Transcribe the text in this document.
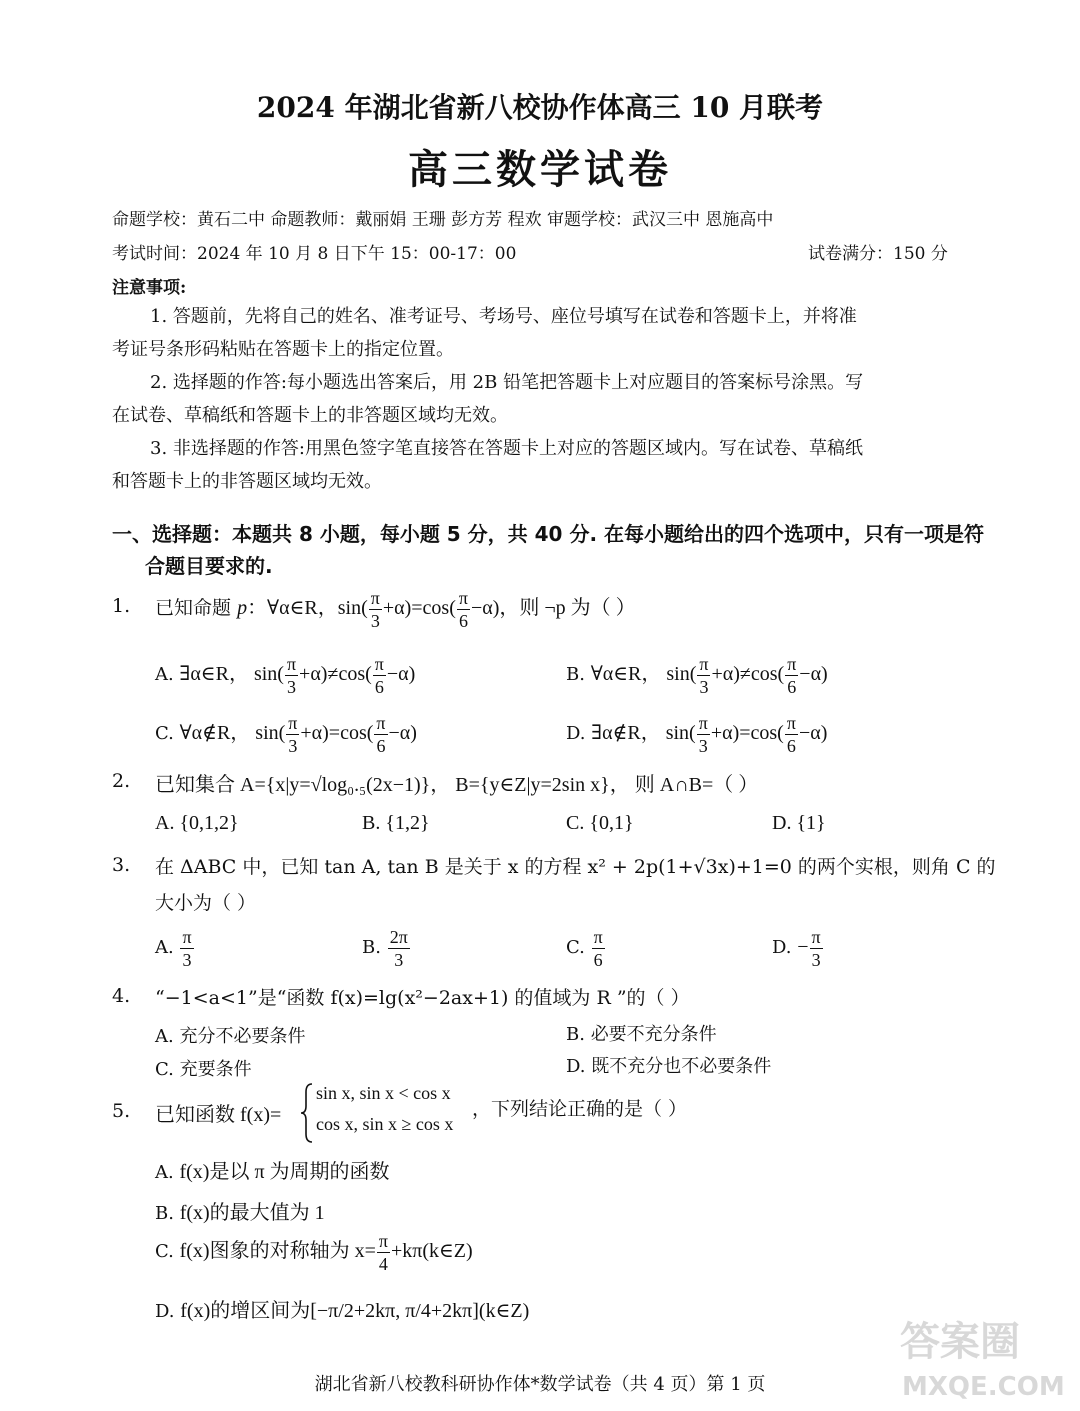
2024 年湖北省新八校协作体高三 10 月联考
高三数学试卷
命题学校：黄石二中 命题教师：戴丽娟 王珊 彭方芳 程欢 审题学校：武汉三中 恩施高中
考试时间：2024 年 10 月 8 日下午 15：00-17：00	试卷满分：150 分
注意事项:
1. 答题前，先将自己的姓名、准考证号、考场号、座位号填写在试卷和答题卡上，并将准
考证号条形码粘贴在答题卡上的指定位置。
2. 选择题的作答:每小题选出答案后，用 2B 铅笔把答题卡上对应题目的答案标号涂黑。写
在试卷、草稿纸和答题卡上的非答题区域均无效。
3. 非选择题的作答:用黑色签字笔直接答在答题卡上对应的答题区域内。写在试卷、草稿纸
和答题卡上的非答题区域均无效。
一、选择题：本题共 8 小题，每小题 5 分，共 40 分. 在每小题给出的四个选项中，只有一项是符
合题目要求的.
1. 已知命题 p：∀α∈R，$\sin( \frac{\pi}{3} +\alpha)=\cos( \frac{\pi}{6} -\alpha)$，则 ¬p 为（ ）
A. ∃α∈R， $\sin( \frac{\pi}{3} +\alpha)\ne\cos( \frac{\pi}{6} -\alpha)$	B. ∀α∈R， $\sin( \frac{\pi}{3} +\alpha)\ne\cos( \frac{\pi}{6} -\alpha)$
C. ∀α∉R， $\sin( \frac{\pi}{3} +\alpha)=\cos( \frac{\pi}{6} -\alpha)$	D. ∃α∉R， $\sin( \frac{\pi}{3} +\alpha)=\cos( \frac{\pi}{6} -\alpha)$
2. 已知集合 A={x|y=√log₀.₅(2x−1)}， B={y∈Z|y=2sin x}， 则 A∩B=（ ）
A. {0,1,2}	B. {1,2}	C. {0,1}	D. {1}
3. 在 ΔABC 中，已知 tan A, tan B 是关于 x 的方程 x² + 2p(1+√3x)+1=0 的两个实根，则角 C 的
大小为（ ）
A. $\frac{\pi}{3}$	B. $\frac{2\pi}{3}$	C. $\frac{\pi}{6}$	D. − $\frac{\pi}{3}$
4. “−1<a<1”是“函数 f(x)=lg(x²−2ax+1) 的值域为 R ”的（ ）
A. 充分不必要条件	B. 必要不充分条件
C. 充要条件	D. 既不充分也不必要条件
5. 已知函数 f(x)=
sin x, sin x < cos x
cos x, sin x ≥ cos x
，下列结论正确的是（ ）
A. f(x)是以 π 为周期的函数
B. f(x)的最大值为 1
C. f(x)图象的对称轴为 $x= \frac{\pi}{4}$ +kπ(k∈Z)
D. f(x)的增区间为[−π/2+2kπ, π/4+2kπ](k∈Z)
湖北省新八校教科研协作体*数学试卷（共 4 页）第 1 页
答案圈
MXQE.COM
